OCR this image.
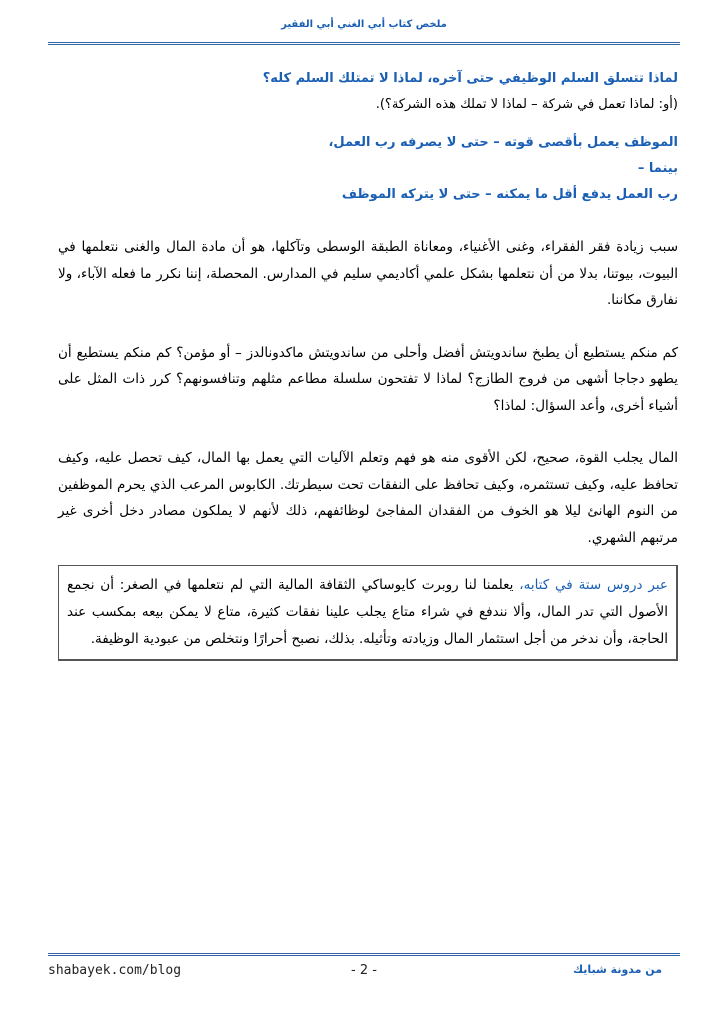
ملخص كتاب أبي الغني أبي الفقير
لماذا تتسلق السلم الوظيفي حتى آخره، لماذا لا تمتلك السلم كله؟
(أو: لماذا تعمل في شركة – لماذا لا تملك هذه الشركة؟).
الموظف يعمل بأقصى قوته – حتى لا يصرفه رب العمل،
بينما –
رب العمل يدفع أقل ما يمكنه – حتى لا يتركه الموظف

سبب زيادة فقر الفقراء، وغنى الأغنياء، ومعاناة الطبقة الوسطى وتآكلها، هو أن مادة المال والغنى نتعلمها في البيوت، بيوتنا، بدلا من أن نتعلمها بشكل علمي أكاديمي سليم في المدارس. المحصلة، إننا نكرر ما فعله الآباء، ولا نفارق مكاننا.

كم منكم يستطيع أن يطبخ ساندويتش أفضل وأحلى من ساندويتش ماكدونالدز – أو مؤمن؟ كم منكم يستطيع أن يطهو دجاجا أشهى من فروج الطازج؟ لماذا لا تفتحون سلسلة مطاعم مثلهم وتنافسونهم؟ كرر ذات المثل على أشياء أخرى، وأعد السؤال: لماذا؟

المال يجلب القوة، صحيح، لكن الأقوى منه هو فهم وتعلم الآليات التي يعمل بها المال، كيف تحصل عليه، وكيف تحافظ عليه، وكيف تستثمره، وكيف تحافظ على النفقات تحت سيطرتك. الكابوس المرعب الذي يحرم الموظفين من النوم الهانئ ليلا هو الخوف من الفقدان المفاجئ لوظائفهم، ذلك لأنهم لا يملكون مصادر دخل أخرى غير مرتبهم الشهري.

عبر دروس ستة في كتابه، يعلمنا لنا روبرت كايوساكي الثقافة المالية التي لم نتعلمها في الصغر: أن نجمع الأصول التي تدر المال، وألا نندفع في شراء متاع يجلب علينا نفقات كثيرة، متاع لا يمكن بيعه بمكسب عند الحاجة، وأن ندخر من أجل استثمار المال وزيادته وتأثيله. بذلك، نصبح أحرارًا ونتخلص من عبودية الوظيفة.

shabayek.com/blog	- 2 -	من مدونة شبايك
